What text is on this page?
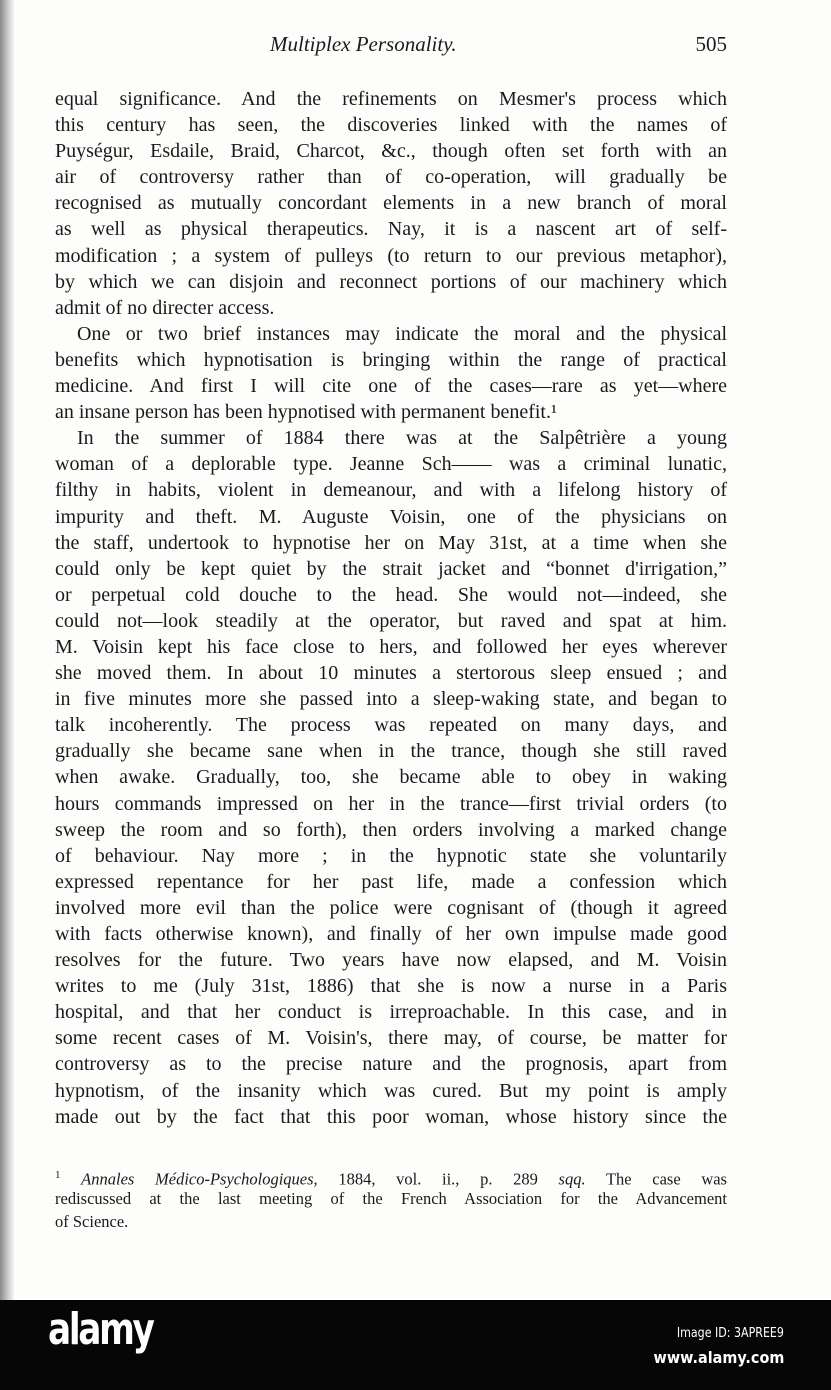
Multiplex Personality.	505
equal significance. And the refinements on Mesmer's process which
this century has seen, the discoveries linked with the names of
Puységur, Esdaile, Braid, Charcot, &c., though often set forth with an
air of controversy rather than of co-operation, will gradually be
recognised as mutually concordant elements in a new branch of moral
as well as physical therapeutics. Nay, it is a nascent art of self-
modification ; a system of pulleys (to return to our previous metaphor),
by which we can disjoin and reconnect portions of our machinery which
admit of no directer access.
One or two brief instances may indicate the moral and the physical
benefits which hypnotisation is bringing within the range of practical
medicine. And first I will cite one of the cases—rare as yet—where
an insane person has been hypnotised with permanent benefit.¹
In the summer of 1884 there was at the Salpêtrière a young
woman of a deplorable type. Jeanne Sch—— was a criminal lunatic,
filthy in habits, violent in demeanour, and with a lifelong history of
impurity and theft. M. Auguste Voisin, one of the physicians on
the staff, undertook to hypnotise her on May 31st, at a time when she
could only be kept quiet by the strait jacket and “bonnet d'irrigation,”
or perpetual cold douche to the head. She would not—indeed, she
could not—look steadily at the operator, but raved and spat at him.
M. Voisin kept his face close to hers, and followed her eyes wherever
she moved them. In about 10 minutes a stertorous sleep ensued ; and
in five minutes more she passed into a sleep-waking state, and began to
talk incoherently. The process was repeated on many days, and
gradually she became sane when in the trance, though she still raved
when awake. Gradually, too, she became able to obey in waking
hours commands impressed on her in the trance—first trivial orders (to
sweep the room and so forth), then orders involving a marked change
of behaviour. Nay more ; in the hypnotic state she voluntarily
expressed repentance for her past life, made a confession which
involved more evil than the police were cognisant of (though it agreed
with facts otherwise known), and finally of her own impulse made good
resolves for the future. Two years have now elapsed, and M. Voisin
writes to me (July 31st, 1886) that she is now a nurse in a Paris
hospital, and that her conduct is irreproachable. In this case, and in
some recent cases of M. Voisin's, there may, of course, be matter for
controversy as to the precise nature and the prognosis, apart from
hypnotism, of the insanity which was cured. But my point is amply
made out by the fact that this poor woman, whose history since the
$^1$ Annales Médico-Psychologiques, 1884, vol. ii., p. 289 sqq. The case was
rediscussed at the last meeting of the French Association for the Advancement
of Science.
alamy	Image ID: 3APREE9
www.alamy.com
